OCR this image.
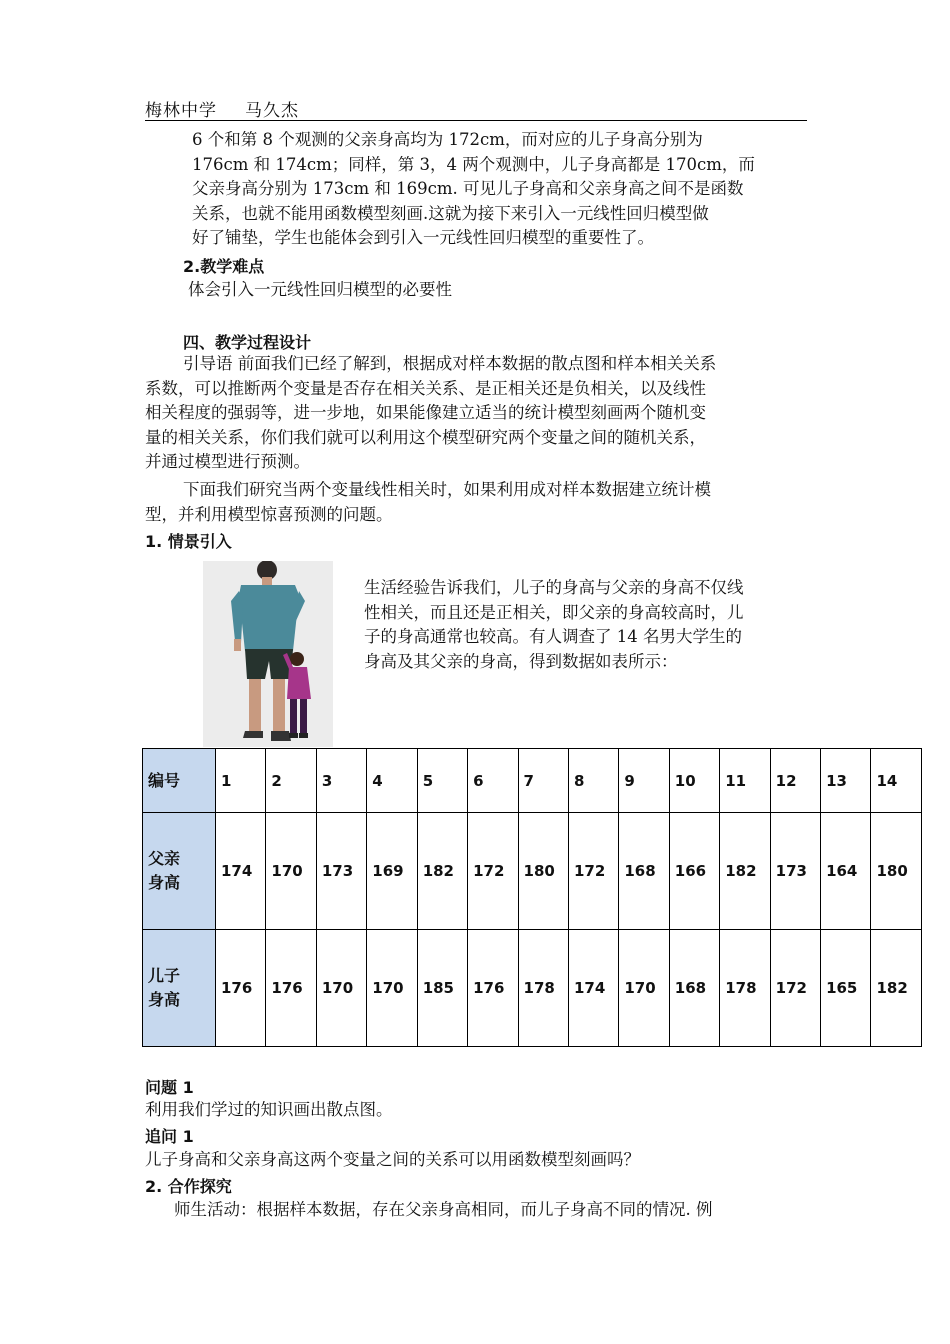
梅林中学 马久杰
6 个和第 8 个观测的父亲身高均为 172cm，而对应的儿子身高分别为
176cm 和 174cm；同样，第 3，4 两个观测中，儿子身高都是 170cm，而
父亲身高分别为 173cm 和 169cm. 可见儿子身高和父亲身高之间不是函数
关系，也就不能用函数模型刻画.这就为接下来引入一元线性回归模型做
好了铺垫，学生也能体会到引入一元线性回归模型的重要性了。
2.教学难点
体会引入一元线性回归模型的必要性
四、教学过程设计
引导语 前面我们已经了解到，根据成对样本数据的散点图和样本相关关系
系数，可以推断两个变量是否存在相关关系、是正相关还是负相关，以及线性
相关程度的强弱等，进一步地，如果能像建立适当的统计模型刻画两个随机变
量的相关关系，你们我们就可以利用这个模型研究两个变量之间的随机关系，
并通过模型进行预测。
下面我们研究当两个变量线性相关时，如果利用成对样本数据建立统计模
型，并利用模型惊喜预测的问题。
1. 情景引入
生活经验告诉我们，儿子的身高与父亲的身高不仅线
性相关，而且还是正相关，即父亲的身高较高时，儿
子的身高通常也较高。有人调查了 14 名男大学生的
身高及其父亲的身高，得到数据如表所示：
编号	1	2	3	4	5	6	7	8	9	10	11	12	13	14
父亲
身高	174	170	173	169	182	172	180	172	168	166	182	173	164	180
儿子
身高	176	176	170	170	185	176	178	174	170	168	178	172	165	182
问题 1
利用我们学过的知识画出散点图。
追问 1
儿子身高和父亲身高这两个变量之间的关系可以用函数模型刻画吗？
2. 合作探究
师生活动：根据样本数据，存在父亲身高相同，而儿子身高不同的情况. 例
